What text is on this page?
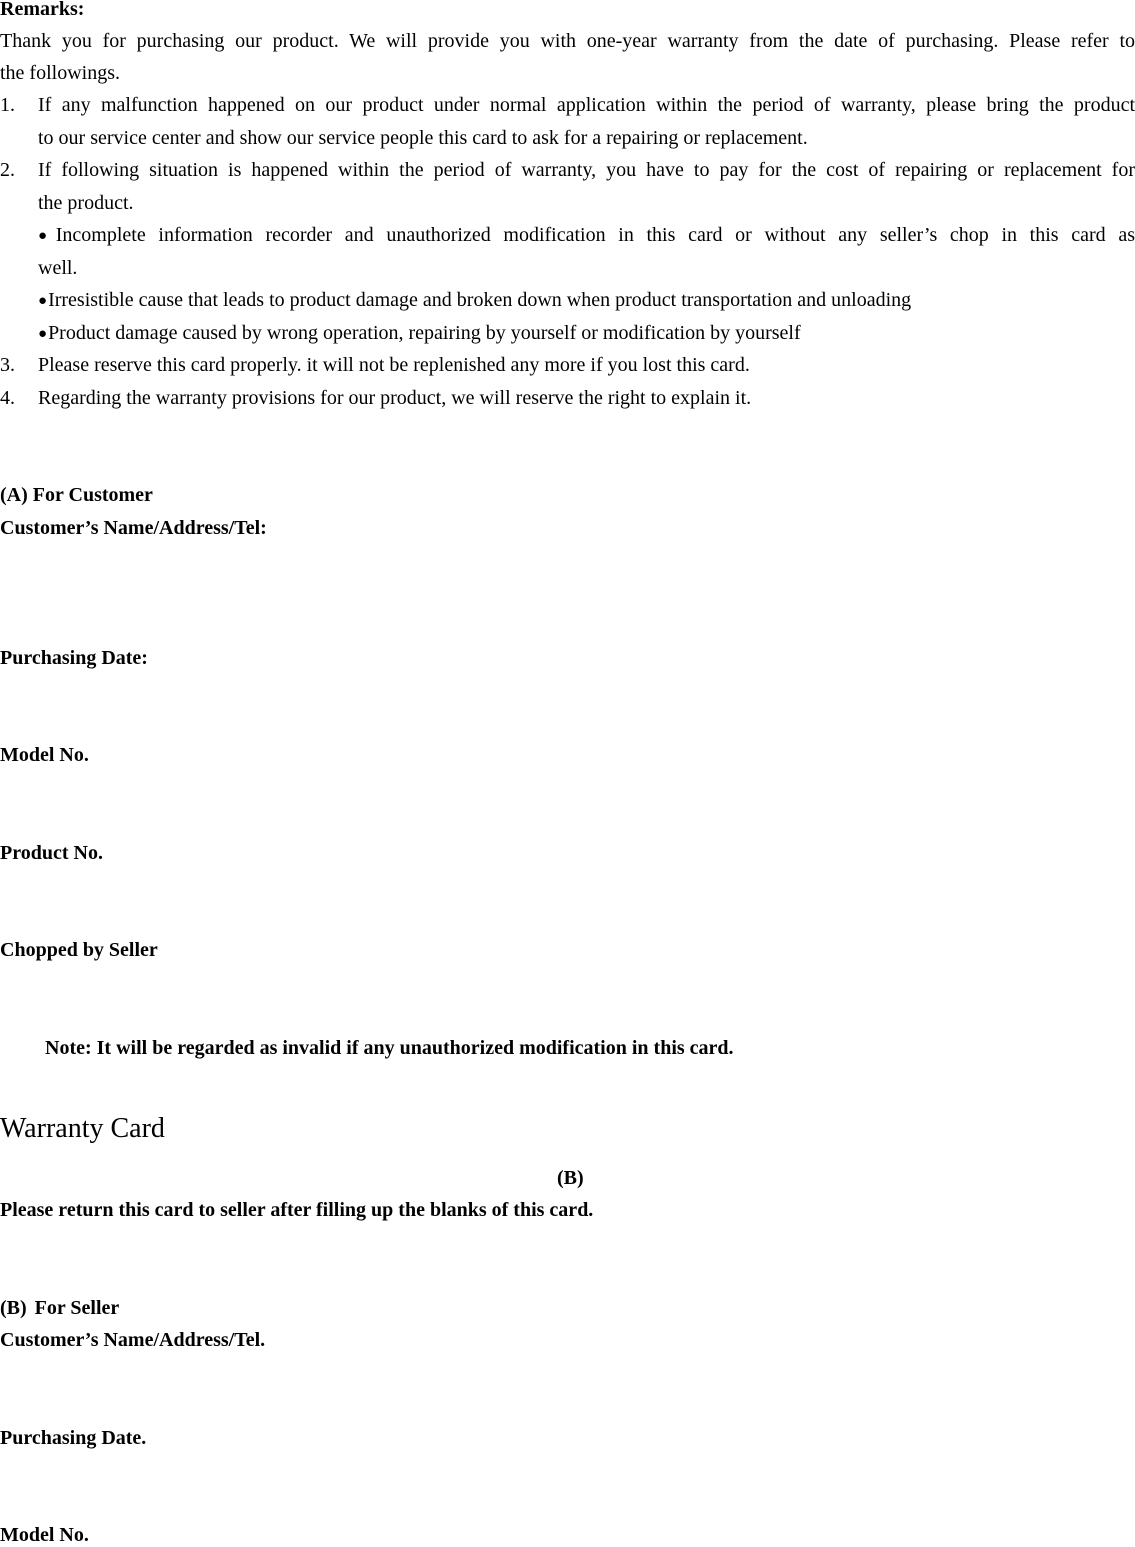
Remarks:
Thank you for purchasing our product. We will provide you with one-year warranty from the date of purchasing. Please refer to
the followings.
1. If any malfunction happened on our product under normal application within the period of warranty, please bring the product
to our service center and show our service people this card to ask for a repairing or replacement.
2. If following situation is happened within the period of warranty, you have to pay for the cost of repairing or replacement for
the product.
●Incomplete information recorder and unauthorized modification in this card or without any seller’s chop in this card as
well.
●Irresistible cause that leads to product damage and broken down when product transportation and unloading
●Product damage caused by wrong operation, repairing by yourself or modification by yourself
3. Please reserve this card properly. it will not be replenished any more if you lost this card.
4. Regarding the warranty provisions for our product, we will reserve the right to explain it.
(A) For Customer
Customer’s Name/Address/Tel:
Purchasing Date:
Model No.
Product No.
Chopped by Seller
Note: It will be regarded as invalid if any unauthorized modification in this card.
Warranty Card
(B)
Please return this card to seller after filling up the blanks of this card.
(B) For Seller
Customer’s Name/Address/Tel.
Purchasing Date.
Model No.
